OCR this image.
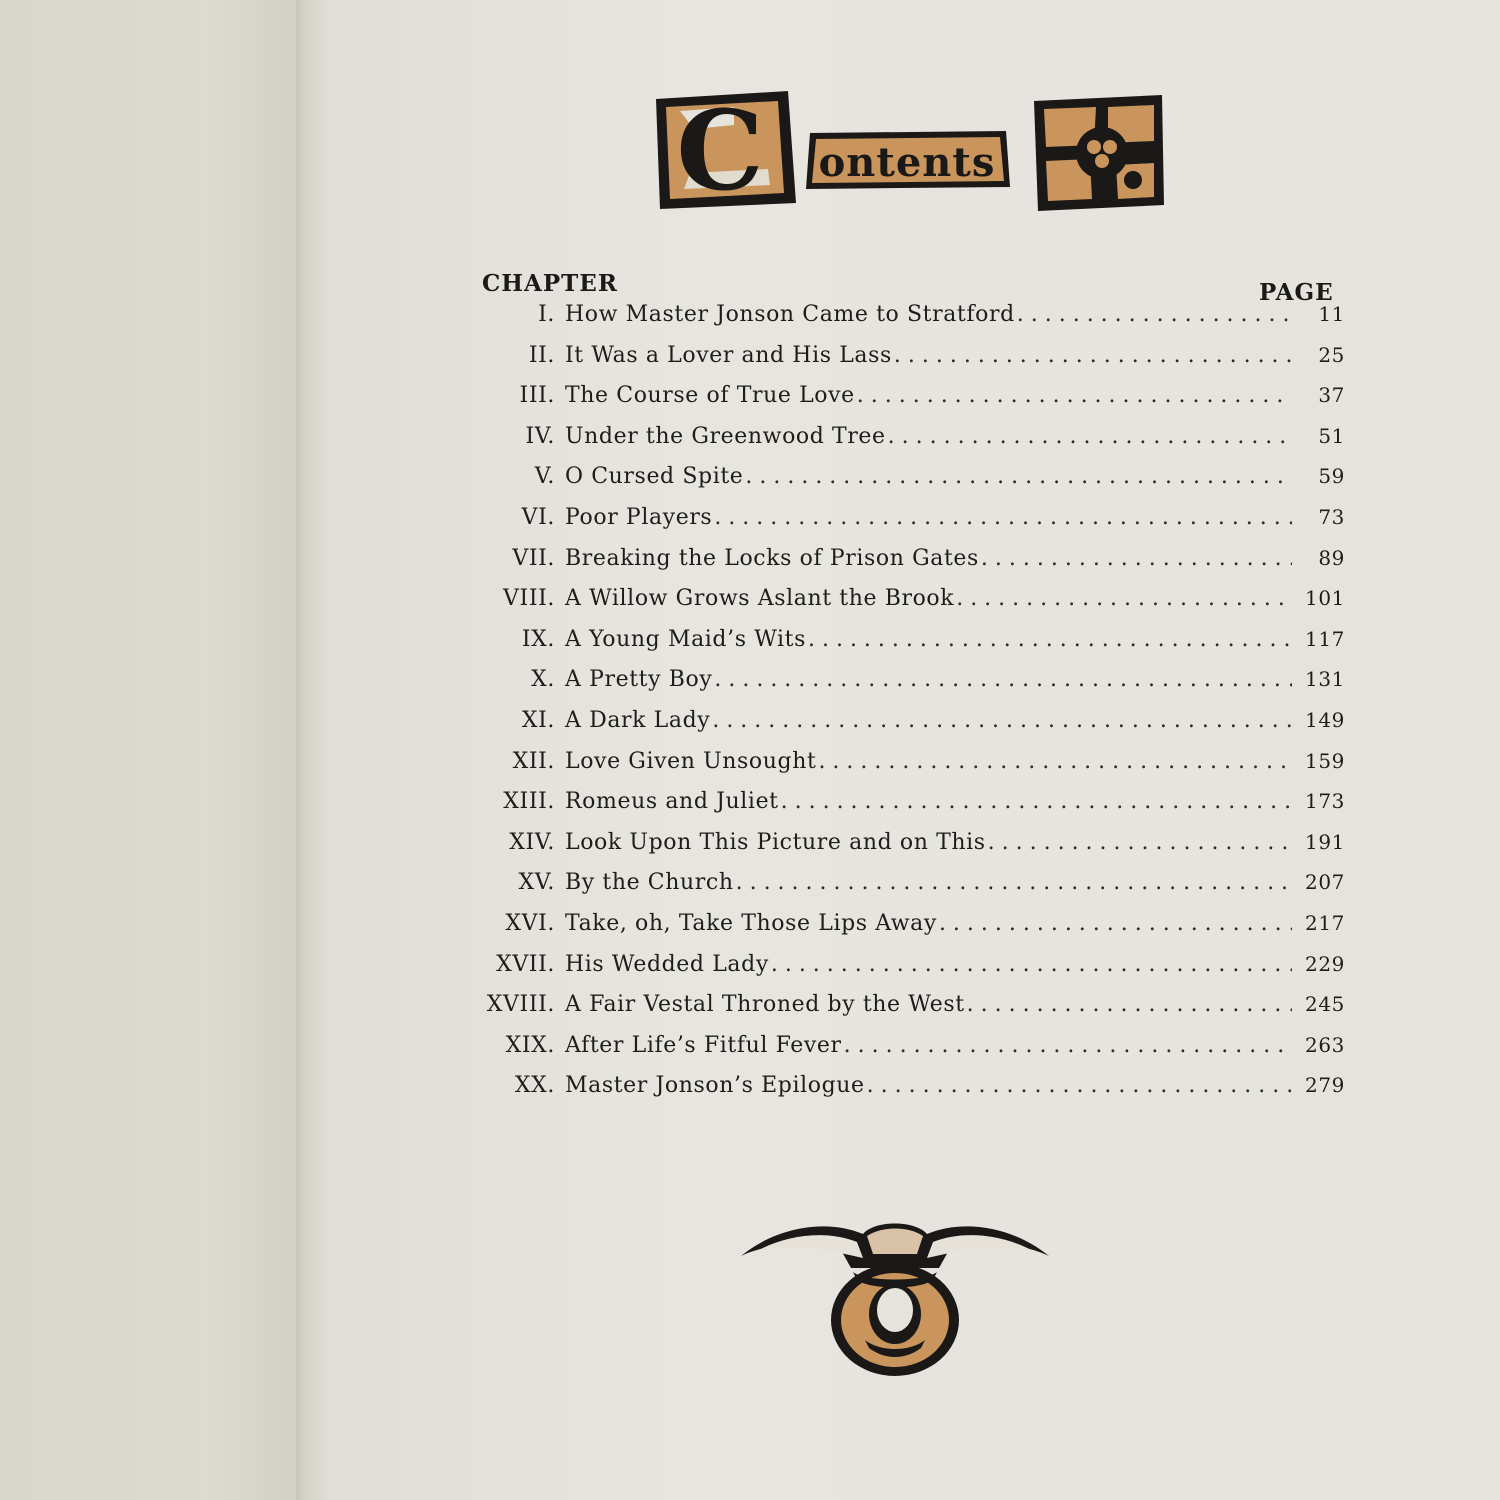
C ontents
CHAPTER	PAGE
I. How Master Jonson Came to Stratford . . .	11
II. It Was a Lover and His Lass . . .	25
III. The Course of True Love . . .	37
IV. Under the Greenwood Tree . . .	51
V. O Cursed Spite . . .	59
VI. Poor Players . . .	73
VII. Breaking the Locks of Prison Gates . . .	89
VIII. A Willow Grows Aslant the Brook . . .	101
IX. A Young Maid’s Wits . . .	117
X. A Pretty Boy . . .	131
XI. A Dark Lady . . .	149
XII. Love Given Unsought . . .	159
XIII. Romeus and Juliet . . .	173
XIV. Look Upon This Picture and on This . . .	191
XV. By the Church . . .	207
XVI. Take, oh, Take Those Lips Away . . .	217
XVII. His Wedded Lady . . .	229
XVIII. A Fair Vestal Throned by the West . . .	245
XIX. After Life’s Fitful Fever . . .	263
XX. Master Jonson’s Epilogue . . .	279
